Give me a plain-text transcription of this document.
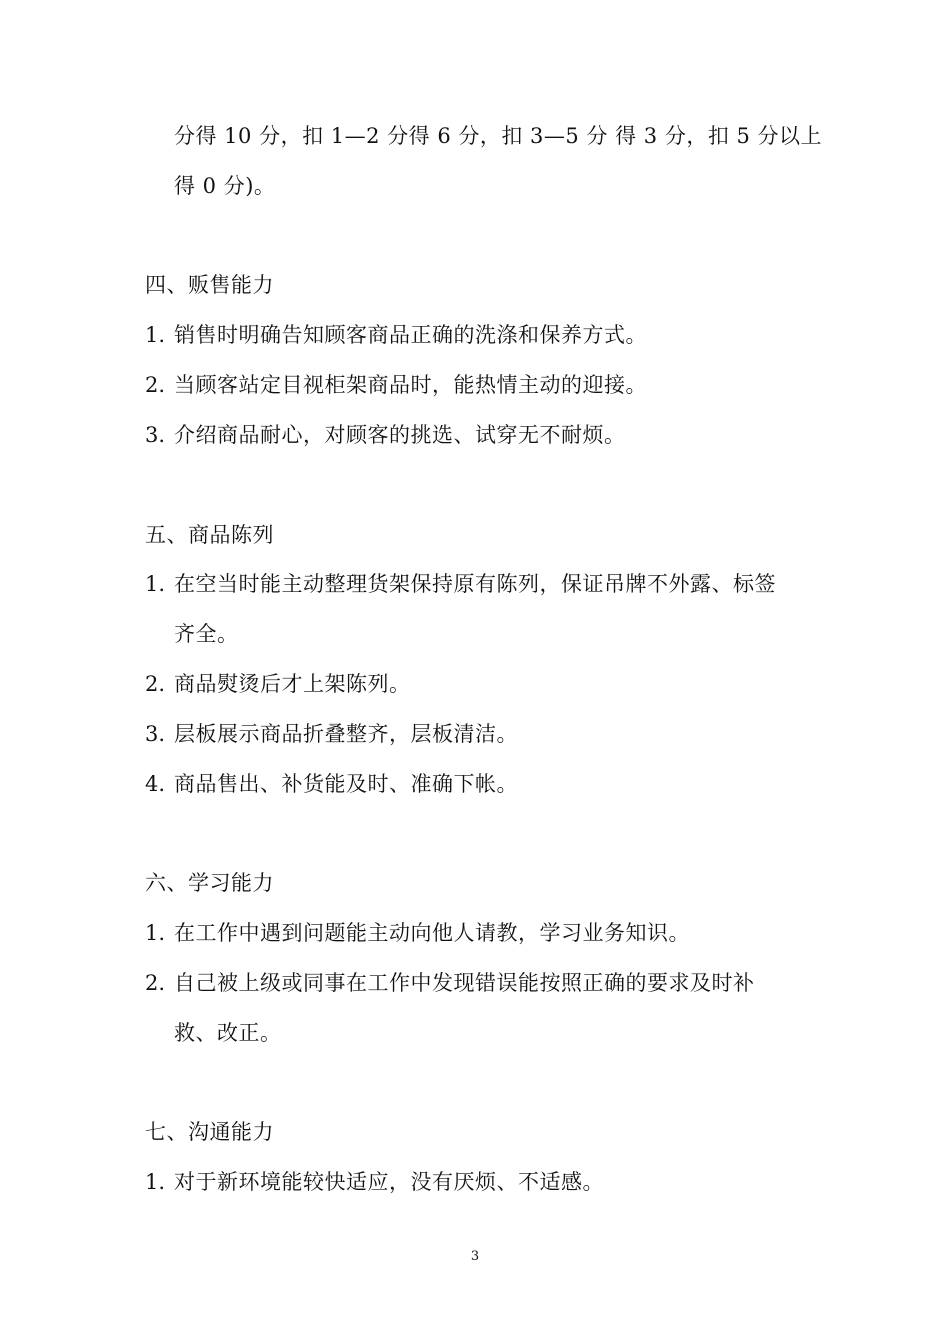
分得 10 分，扣 1—2 分得 6 分，扣 3—5 分 得 3 分，扣 5 分以上
得 0 分)。
四、贩售能力
1. 销售时明确告知顾客商品正确的洗涤和保养方式。
2. 当顾客站定目视柜架商品时，能热情主动的迎接。
3. 介绍商品耐心，对顾客的挑选、试穿无不耐烦。
五、商品陈列
1. 在空当时能主动整理货架保持原有陈列，保证吊牌不外露、标签
齐全。
2. 商品熨烫后才上架陈列。
3. 层板展示商品折叠整齐，层板清洁。
4. 商品售出、补货能及时、准确下帐。
六、学习能力
1. 在工作中遇到问题能主动向他人请教，学习业务知识。
2. 自己被上级或同事在工作中发现错误能按照正确的要求及时补
救、改正。
七、沟通能力
1. 对于新环境能较快适应，没有厌烦、不适感。
3
